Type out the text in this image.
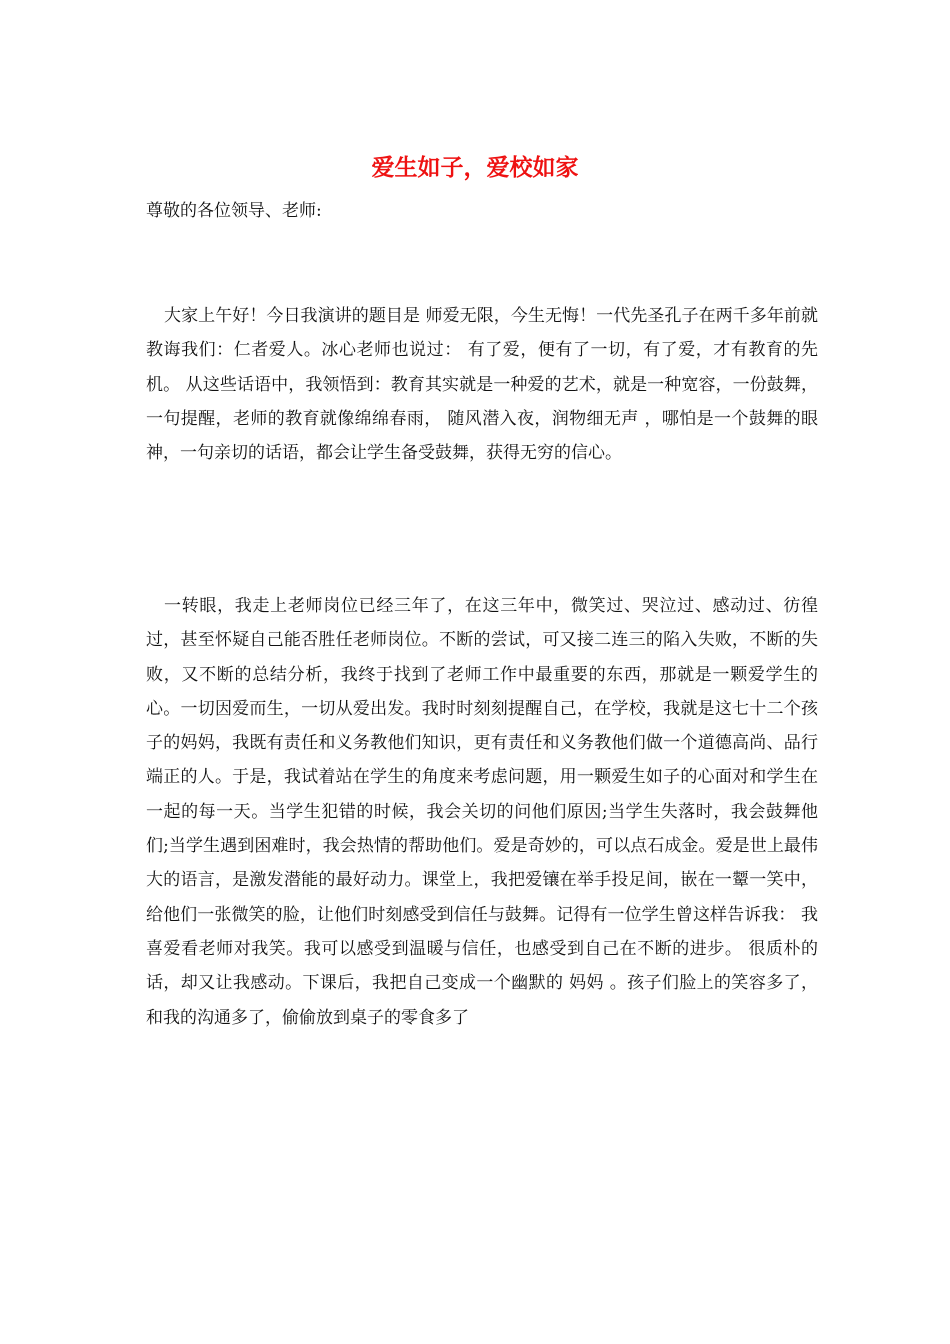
爱生如子，爱校如家

尊敬的各位领导、老师:

大家上午好！今日我演讲的题目是 师爱无限，今生无悔！一代先圣孔子在两千多年前就教诲我们：仁者爱人。冰心老师也说过： 有了爱，便有了一切，有了爱，才有教育的先机。 从这些话语中，我领悟到：教育其实就是一种爱的艺术，就是一种宽容，一份鼓舞，一句提醒，老师的教育就像绵绵春雨， 随风潜入夜，润物细无声 ，哪怕是一个鼓舞的眼神，一句亲切的话语，都会让学生备受鼓舞，获得无穷的信心。

一转眼，我走上老师岗位已经三年了，在这三年中，微笑过、哭泣过、感动过、彷徨过，甚至怀疑自己能否胜任老师岗位。不断的尝试，可又接二连三的陷入失败，不断的失败，又不断的总结分析，我终于找到了老师工作中最重要的东西，那就是一颗爱学生的心。一切因爱而生，一切从爱出发。我时时刻刻提醒自己，在学校，我就是这七十二个孩子的妈妈，我既有责任和义务教他们知识，更有责任和义务教他们做一个道德高尚、品行端正的人。于是，我试着站在学生的角度来考虑问题，用一颗爱生如子的心面对和学生在一起的每一天。当学生犯错的时候，我会关切的问他们原因;当学生失落时，我会鼓舞他们;当学生遇到困难时，我会热情的帮助他们。爱是奇妙的，可以点石成金。爱是世上最伟大的语言，是激发潜能的最好动力。课堂上，我把爱镶在举手投足间，嵌在一颦一笑中，给他们一张微笑的脸，让他们时刻感受到信任与鼓舞。记得有一位学生曾这样告诉我： 我喜爱看老师对我笑。我可以感受到温暖与信任，也感受到自己在不断的进步。 很质朴的话，却又让我感动。下课后，我把自己变成一个幽默的 妈妈 。孩子们脸上的笑容多了，和我的沟通多了，偷偷放到桌子的零食多了
